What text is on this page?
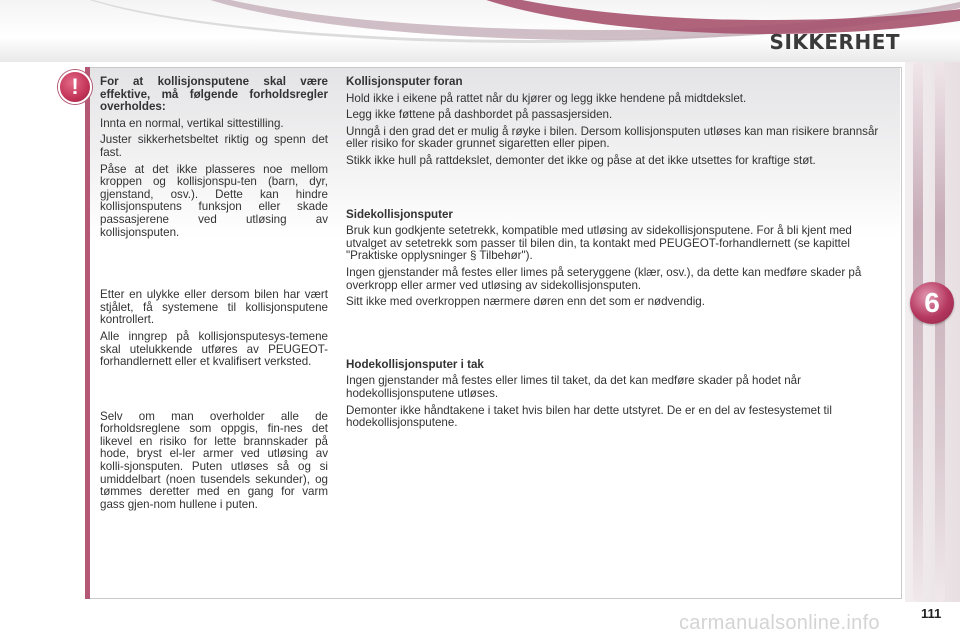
SIKKERHET
6
!	For at kollisjonsputene skal være effektive, må følgende forholdsregler overholdes:

Innta en normal, vertikal sittestilling.

Juster sikkerhetsbeltet riktig og spenn det fast.

Påse at det ikke plasseres noe mellom kroppen og kollisjonspu-ten (barn, dyr, gjenstand, osv.). Dette kan hindre kollisjonsputens funksjon eller skade passasjerene ved utløsing av kollisjonsputen.

Etter en ulykke eller dersom bilen har vært stjålet, få systemene til kollisjonsputene kontrollert.

Alle inngrep på kollisjonsputesys-temene skal utelukkende utføres av PEUGEOT-forhandlernett eller et kvalifisert verksted.

Selv om man overholder alle de forholdsreglene som oppgis, fin-nes det likevel en risiko for lette brannskader på hode, bryst el-ler armer ved utløsing av kolli-sjonsputen. Puten utløses så og si umiddelbart (noen tusendels sekunder), og tømmes deretter med en gang for varm gass gjen-nom hullene i puten.

Kollisjonsputer foran

Hold ikke i eikene på rattet når du kjører og legg ikke hendene på midtdekslet.

Legg ikke føttene på dashbordet på passasjersiden.

Unngå i den grad det er mulig å røyke i bilen. Dersom kollisjonsputen utløses kan man risikere brannsår eller risiko for skader grunnet sigaretten eller pipen.

Stikk ikke hull på rattdekslet, demonter det ikke og påse at det ikke utsettes for kraftige støt.

Sidekollisjonsputer

Bruk kun godkjente setetrekk, kompatible med utløsing av sidekollisjonsputene. For å bli kjent med utvalget av setetrekk som passer til bilen din, ta kontakt med PEUGEOT-forhandlernett (se kapittel "Praktiske opplysninger § Tilbehør").

Ingen gjenstander må festes eller limes på seteryggene (klær, osv.), da dette kan medføre skader på overkropp eller armer ved utløsing av sidekollisjonsputen.

Sitt ikke med overkroppen nærmere døren enn det som er nødvendig.

Hodekollisjonsputer i tak

Ingen gjenstander må festes eller limes til taket, da det kan medføre skader på hodet når hodekollisjonsputene utløses.

Demonter ikke håndtakene i taket hvis bilen har dette utstyret. De er en del av festesystemet til hodekollisjonsputene.

111
carmanualsonline.info
